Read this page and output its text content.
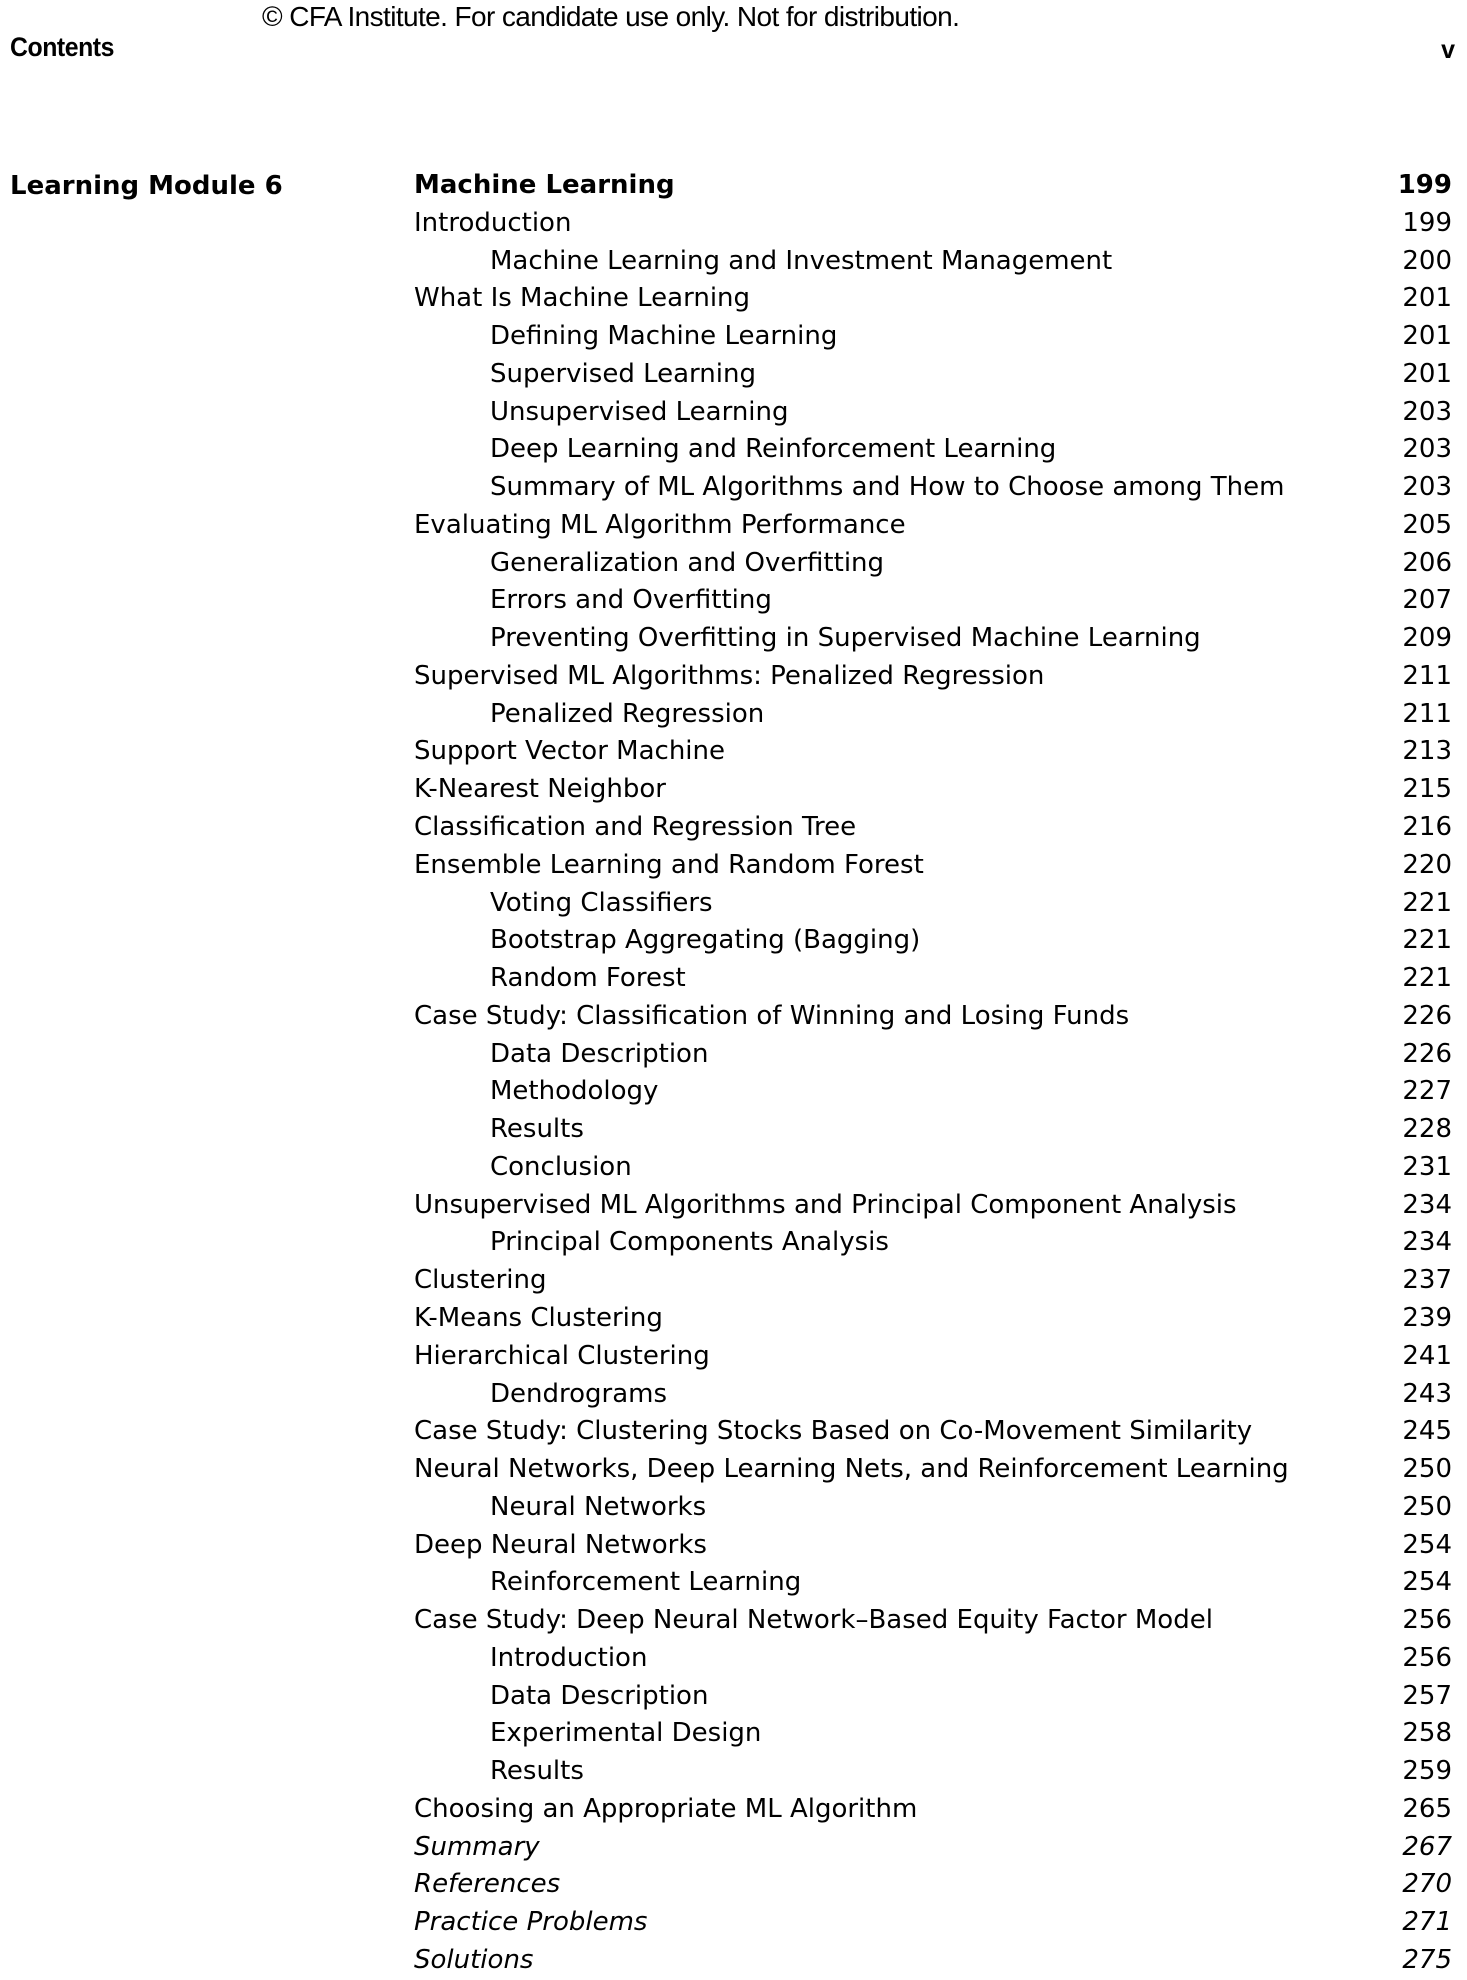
© CFA Institute. For candidate use only. Not for distribution.
Contents	v
Learning Module 6	Machine Learning	199
Introduction	199
Machine Learning and Investment Management	200
What Is Machine Learning	201
Defining Machine Learning	201
Supervised Learning	201
Unsupervised Learning	203
Deep Learning and Reinforcement Learning	203
Summary of ML Algorithms and How to Choose among Them	203
Evaluating ML Algorithm Performance	205
Generalization and Overfitting	206
Errors and Overfitting	207
Preventing Overfitting in Supervised Machine Learning	209
Supervised ML Algorithms: Penalized Regression	211
Penalized Regression	211
Support Vector Machine	213
K-Nearest Neighbor	215
Classification and Regression Tree	216
Ensemble Learning and Random Forest	220
Voting Classifiers	221
Bootstrap Aggregating (Bagging)	221
Random Forest	221
Case Study: Classification of Winning and Losing Funds	226
Data Description	226
Methodology	227
Results	228
Conclusion	231
Unsupervised ML Algorithms and Principal Component Analysis	234
Principal Components Analysis	234
Clustering	237
K-Means Clustering	239
Hierarchical Clustering	241
Dendrograms	243
Case Study: Clustering Stocks Based on Co-Movement Similarity	245
Neural Networks, Deep Learning Nets, and Reinforcement Learning	250
Neural Networks	250
Deep Neural Networks	254
Reinforcement Learning	254
Case Study: Deep Neural Network–Based Equity Factor Model	256
Introduction	256
Data Description	257
Experimental Design	258
Results	259
Choosing an Appropriate ML Algorithm	265
Summary	267
References	270
Practice Problems	271
Solutions	275
